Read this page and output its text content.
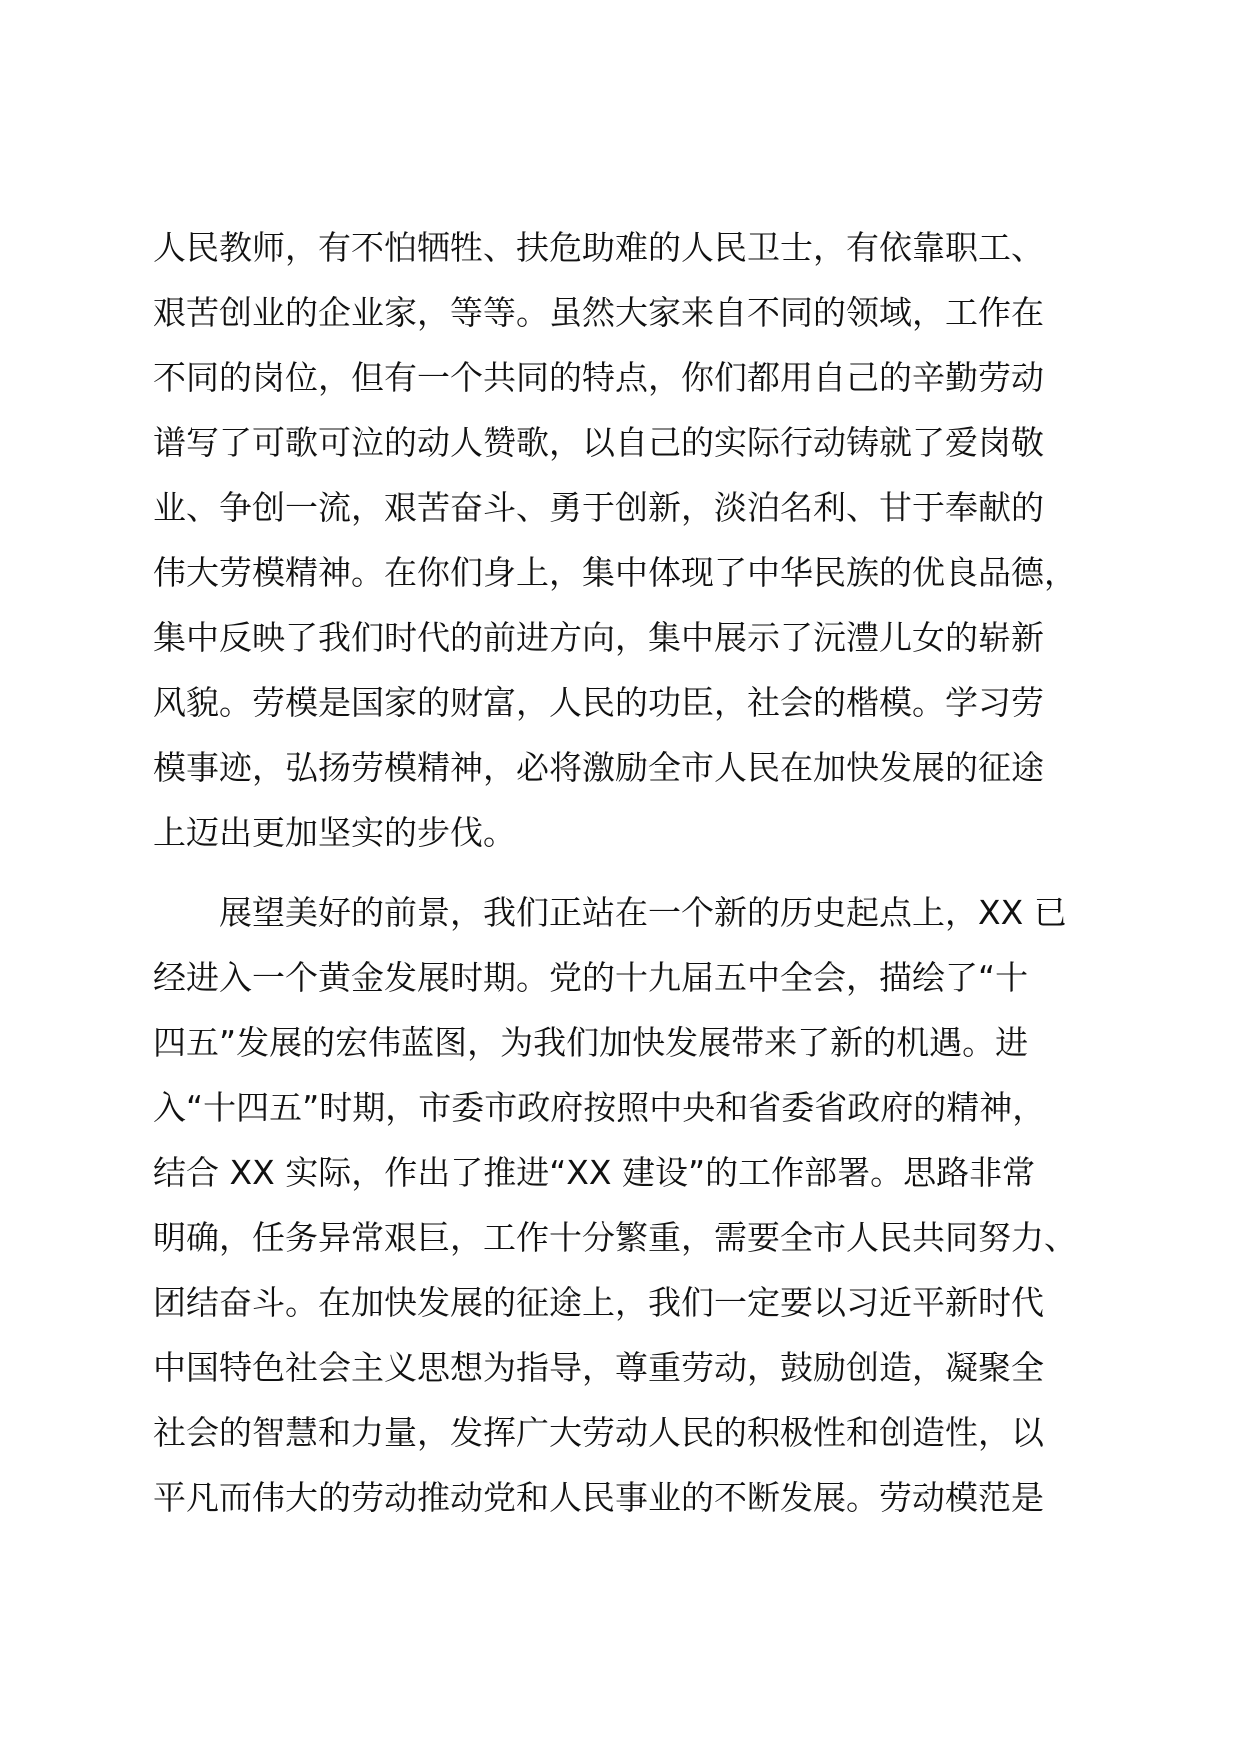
人民教师，有不怕牺牲、扶危助难的人民卫士，有依靠职工、
艰苦创业的企业家，等等。虽然大家来自不同的领域，工作在
不同的岗位，但有一个共同的特点，你们都用自己的辛勤劳动
谱写了可歌可泣的动人赞歌，以自己的实际行动铸就了爱岗敬
业、争创一流，艰苦奋斗、勇于创新，淡泊名利、甘于奉献的
伟大劳模精神。在你们身上，集中体现了中华民族的优良品德，
集中反映了我们时代的前进方向，集中展示了沅澧儿女的崭新
风貌。劳模是国家的财富，人民的功臣，社会的楷模。学习劳
模事迹，弘扬劳模精神，必将激励全市人民在加快发展的征途
上迈出更加坚实的步伐。
展望美好的前景，我们正站在一个新的历史起点上，XX 已
经进入一个黄金发展时期。党的十九届五中全会，描绘了“十
四五”发展的宏伟蓝图，为我们加快发展带来了新的机遇。进
入“十四五”时期，市委市政府按照中央和省委省政府的精神，
结合 XX 实际，作出了推进“XX 建设”的工作部署。思路非常
明确，任务异常艰巨，工作十分繁重，需要全市人民共同努力、
团结奋斗。在加快发展的征途上，我们一定要以习近平新时代
中国特色社会主义思想为指导，尊重劳动，鼓励创造，凝聚全
社会的智慧和力量，发挥广大劳动人民的积极性和创造性，以
平凡而伟大的劳动推动党和人民事业的不断发展。劳动模范是
